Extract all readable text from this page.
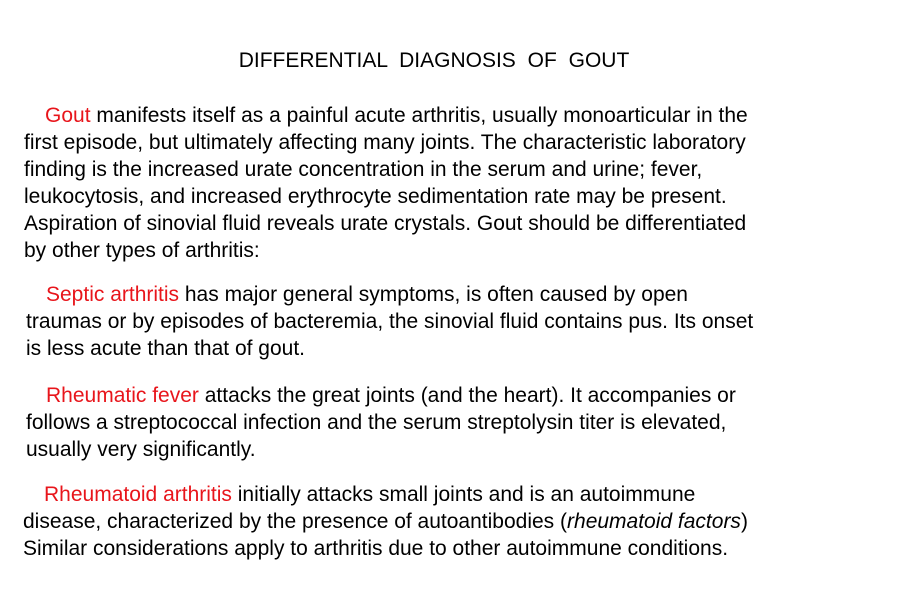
DIFFERENTIAL DIAGNOSIS OF GOUT

Gout manifests itself as a painful acute arthritis, usually monoarticular in the
first episode, but ultimately affecting many joints. The characteristic laboratory
finding is the increased urate concentration in the serum and urine; fever,
leukocytosis, and increased erythrocyte sedimentation rate may be present.
Aspiration of sinovial fluid reveals urate crystals. Gout should be differentiated
by other types of arthritis:

Septic arthritis has major general symptoms, is often caused by open
traumas or by episodes of bacteremia, the sinovial fluid contains pus. Its onset
is less acute than that of gout.

Rheumatic fever attacks the great joints (and the heart). It accompanies or
follows a streptococcal infection and the serum streptolysin titer is elevated,
usually very significantly.

Rheumatoid arthritis initially attacks small joints and is an autoimmune
disease, characterized by the presence of autoantibodies (rheumatoid factors)
Similar considerations apply to arthritis due to other autoimmune conditions.
